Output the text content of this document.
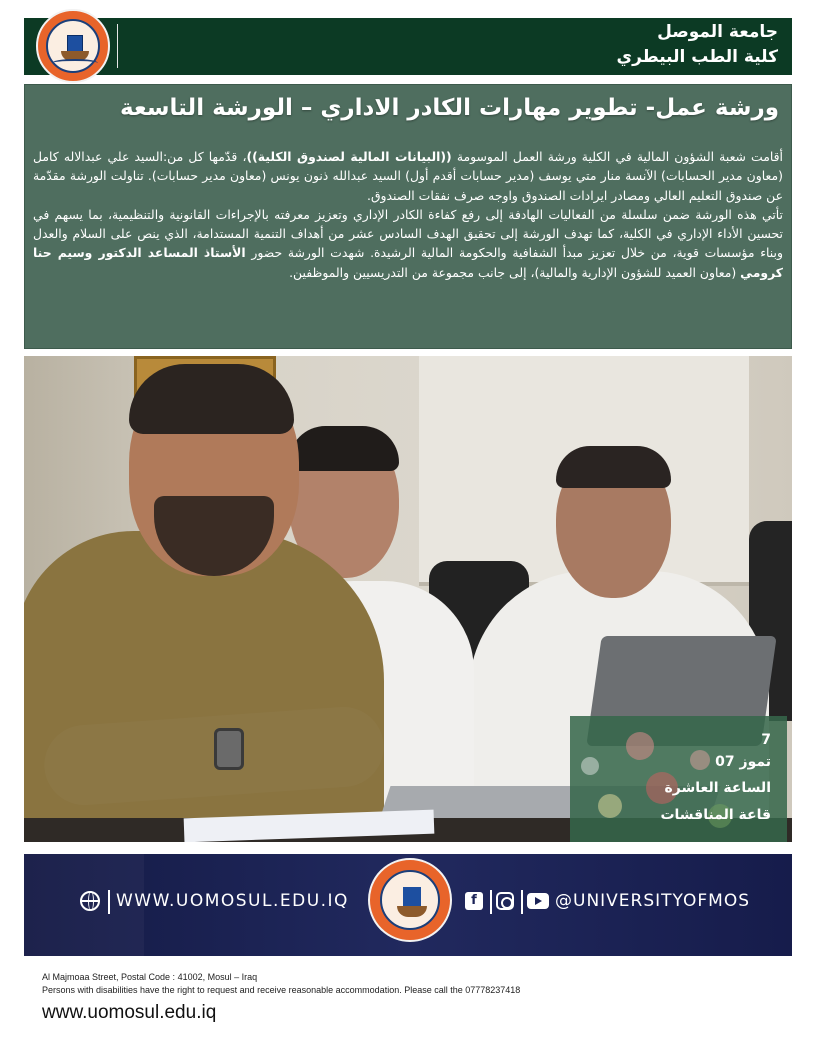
جامعة الموصل
كلية الطب البيطري
ورشة عمل- تطوير مهارات الكادر الاداري – الورشة التاسعة
أقامت شعبة الشؤون المالية في الكلية ورشة العمل الموسومة ((البيانات المالية لصندوق الكلية))، قدّمها كل من:السيد علي عبدالاله كامل (معاون مدير الحسابات) الآنسة منار متي يوسف (مدير حسابات أقدم أول) السيد عبدالله ذنون يونس (معاون مدير حسابات). تناولت الورشة مقدّمة عن صندوق التعليم العالي ومصادر ايرادات الصندوق واوجه صرف نفقات الصندوق.
تأتي هذه الورشة ضمن سلسلة من الفعاليات الهادفة إلى رفع كفاءة الكادر الإداري وتعزيز معرفته بالإجراءات القانونية والتنظيمية، بما يسهم في تحسين الأداء الإداري في الكلية، كما تهدف الورشة إلى تحقيق الهدف السادس عشر من أهداف التنمية المستدامة، الذي ينص على السلام والعدل وبناء مؤسسات قوية، من خلال تعزيز مبدأ الشفافية والحكومة المالية الرشيدة. شهدت الورشة حضور الأستاذ المساعد الدكتور وسيم حنا كرومي (معاون العميد للشؤون الإدارية والمالية)، إلى جانب مجموعة من التدريسيين والموظفين.
7
تموز 07
الساعة العاشرة
قاعة المناقشات
WWW.UOMOSUL.EDU.IQ	f	@UNIVERSITYOFMOS
Al Majmoaa Street, Postal Code : 41002, Mosul – Iraq
Persons with disabilities have the right to request and receive reasonable accommodation. Please call the 07778237418
www.uomosul.edu.iq
